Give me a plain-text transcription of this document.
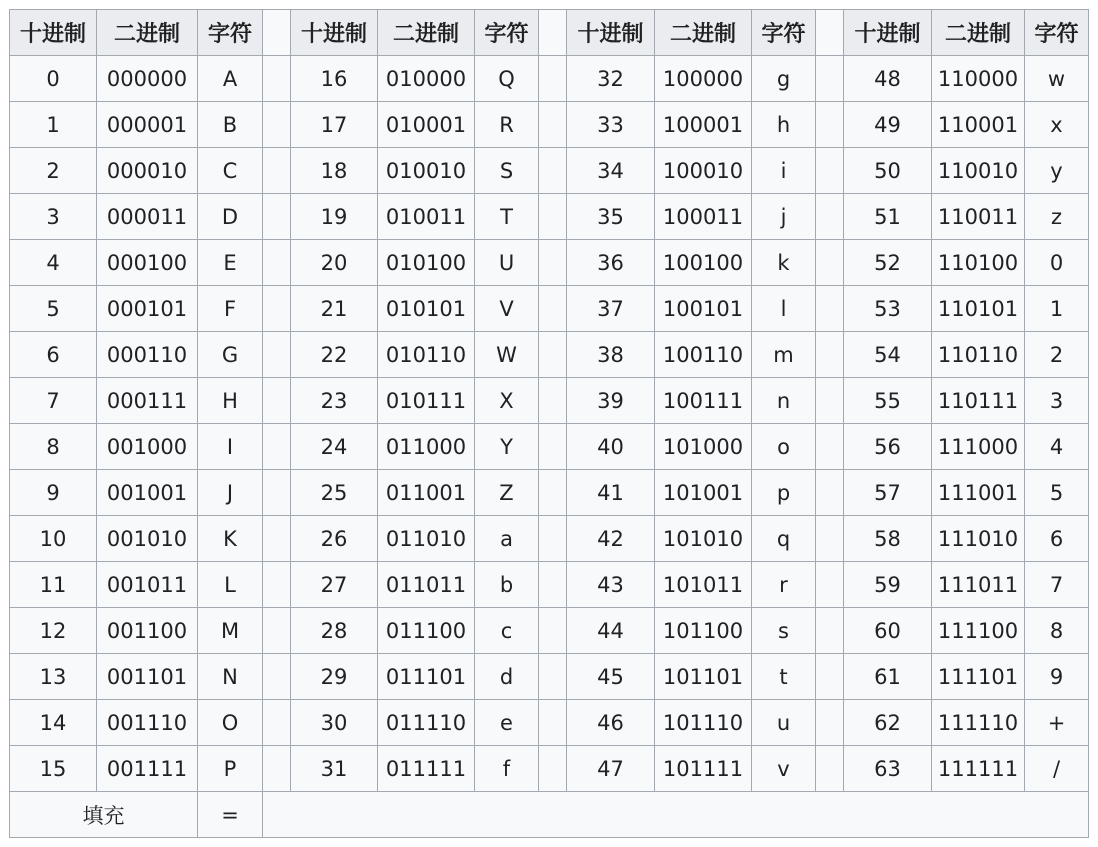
十进制	二进制	字符		十进制	二进制	字符		十进制	二进制	字符		十进制	二进制	字符
0	000000	A		16	010000	Q		32	100000	g		48	110000	w
1	000001	B		17	010001	R		33	100001	h		49	110001	x
2	000010	C		18	010010	S		34	100010	i		50	110010	y
3	000011	D		19	010011	T		35	100011	j		51	110011	z
4	000100	E		20	010100	U		36	100100	k		52	110100	0
5	000101	F		21	010101	V		37	100101	l		53	110101	1
6	000110	G		22	010110	W		38	100110	m		54	110110	2
7	000111	H		23	010111	X		39	100111	n		55	110111	3
8	001000	I		24	011000	Y		40	101000	o		56	111000	4
9	001001	J		25	011001	Z		41	101001	p		57	111001	5
10	001010	K		26	011010	a		42	101010	q		58	111010	6
11	001011	L		27	011011	b		43	101011	r		59	111011	7
12	001100	M		28	011100	c		44	101100	s		60	111100	8
13	001101	N		29	011101	d		45	101101	t		61	111101	9
14	001110	O		30	011110	e		46	101110	u		62	111110	+
15	001111	P		31	011111	f		47	101111	v		63	111111	/
填充		=												
